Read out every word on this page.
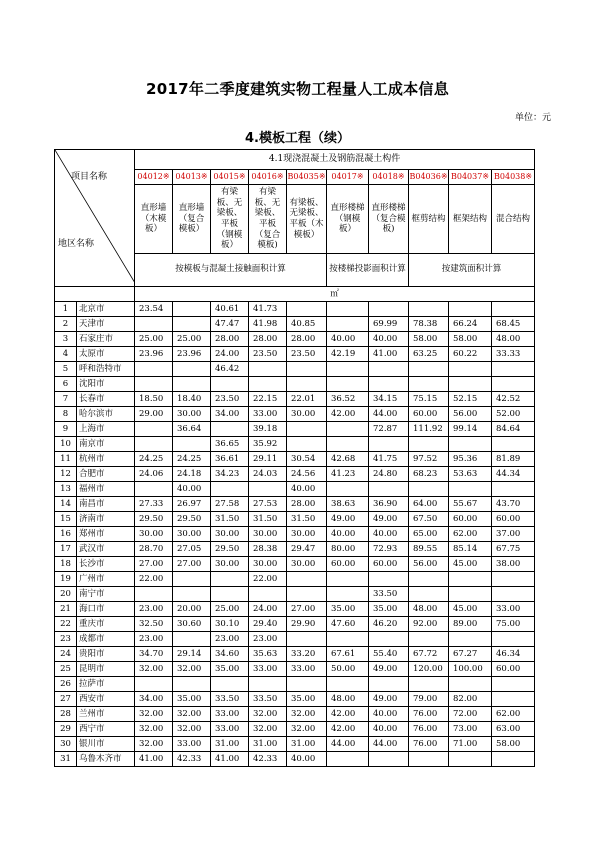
2017年二季度建筑实物工程量人工成本信息
单位：元
4.模板工程（续）
项目名称
地区名称		4.1现浇混凝土及钢筋混凝土构件									
		04012※	04013※	04015※	04016※	B04035※	04017※	04018※	B04036※	B04037※	B04038※
		直形墙（木模板）	直形墙（复合模板）	有梁板、无梁板、平板（钢模板）	有梁板、无梁板、平板（复合模板)	有梁板、无梁板、平板（木模板）	直形楼梯（钢模板）	直形楼梯（复合模板)	框剪结构	框架结构	混合结构
		按模板与混凝土接触面积计算					按楼梯投影面积计算		按建筑面积计算		
		㎡									
1	北京市	23.54		40.61	41.73						
2	天津市			47.47	41.98	40.85		69.99	78.38	66.24	68.45
3	石家庄市	25.00	25.00	28.00	28.00	28.00	40.00	40.00	58.00	58.00	48.00
4	太原市	23.96	23.96	24.00	23.50	23.50	42.19	41.00	63.25	60.22	33.33
5	呼和浩特市			46.42							
6	沈阳市										
7	长春市	18.50	18.40	23.50	22.15	22.01	36.52	34.15	75.15	52.15	42.52
8	哈尔滨市	29.00	30.00	34.00	33.00	30.00	42.00	44.00	60.00	56.00	52.00
9	上海市		36.64		39.18			72.87	111.92	99.14	84.64
10	南京市			36.65	35.92						
11	杭州市	24.25	24.25	36.61	29.11	30.54	42.68	41.75	97.52	95.36	81.89
12	合肥市	24.06	24.18	34.23	24.03	24.56	41.23	24.80	68.23	53.63	44.34
13	福州市		40.00			40.00					
14	南昌市	27.33	26.97	27.58	27.53	28.00	38.63	36.90	64.00	55.67	43.70
15	济南市	29.50	29.50	31.50	31.50	31.50	49.00	49.00	67.50	60.00	60.00
16	郑州市	30.00	30.00	30.00	30.00	30.00	40.00	40.00	65.00	62.00	37.00
17	武汉市	28.70	27.05	29.50	28.38	29.47	80.00	72.93	89.55	85.14	67.75
18	长沙市	27.00	27.00	30.00	30.00	30.00	60.00	60.00	56.00	45.00	38.00
19	广州市	22.00			22.00						
20	南宁市							33.50			
21	海口市	23.00	20.00	25.00	24.00	27.00	35.00	35.00	48.00	45.00	33.00
22	重庆市	32.50	30.60	30.10	29.40	29.90	47.60	46.20	92.00	89.00	75.00
23	成都市	23.00		23.00	23.00						
24	贵阳市	34.70	29.14	34.60	35.63	33.20	67.61	55.40	67.72	67.27	46.34
25	昆明市	32.00	32.00	35.00	33.00	33.00	50.00	49.00	120.00	100.00	60.00
26	拉萨市										
27	西安市	34.00	35.00	33.50	33.50	35.00	48.00	49.00	79.00	82.00	
28	兰州市	32.00	32.00	33.00	32.00	32.00	42.00	40.00	76.00	72.00	62.00
29	西宁市	32.00	32.00	33.00	32.00	32.00	42.00	40.00	76.00	73.00	63.00
30	银川市	32.00	33.00	31.00	31.00	31.00	44.00	44.00	76.00	71.00	58.00
31	乌鲁木齐市	41.00	42.33	41.00	42.33	40.00					
